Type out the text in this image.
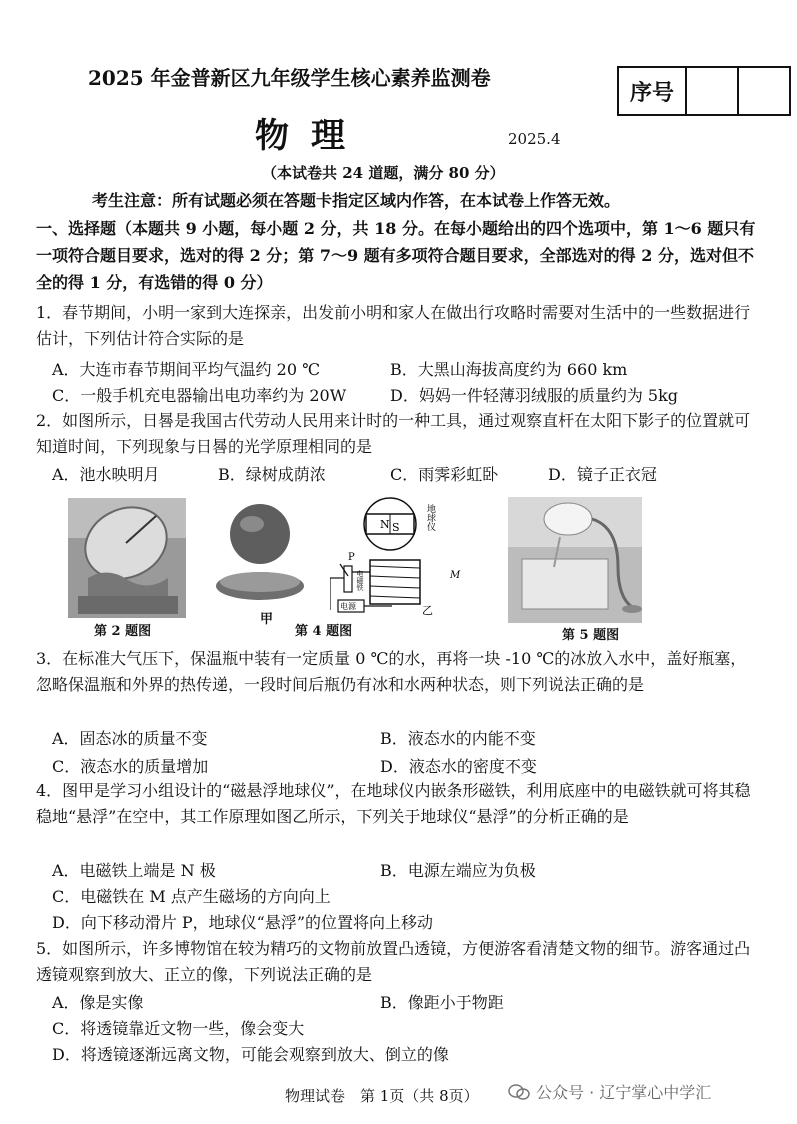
2025 年金普新区九年级学生核心素养监测卷
序号
物理	2025.4
（本试卷共 24 道题，满分 80 分）
考生注意：所有试题必须在答题卡指定区域内作答，在本试卷上作答无效。
一、选择题（本题共 9 小题，每小题 2 分，共 18 分。在每小题给出的四个选项中，第 1～6 题只有一项符合题目要求，选对的得 2 分；第 7～9 题有多项符合题目要求，全部选对的得 2 分，选对但不全的得 1 分，有选错的得 0 分）
1．春节期间，小明一家到大连探亲，出发前小明和家人在做出行攻略时需要对生活中的一些数据进行估计，下列估计符合实际的是
A．大连市春节期间平均气温约 20 ℃	B．大黑山海拔高度约为 660 km
C．一般手机充电器输出电功率约为 20W	D．妈妈一件轻薄羽绒服的质量约为 5kg
2．如图所示，日晷是我国古代劳动人民用来计时的一种工具，通过观察直杆在太阳下影子的位置就可知道时间，下列现象与日晷的光学原理相同的是
A．池水映明月	B．绿树成荫浓	C．雨霁彩虹卧	D．镜子正衣冠
第 2 题图
甲
N S	地球仪
P
电源
电磁铁	M
乙
第 4 题图	第 5 题图
3．在标准大气压下，保温瓶中装有一定质量 0 ℃的水，再将一块 -10 ℃的冰放入水中，盖好瓶塞，忽略保温瓶和外界的热传递，一段时间后瓶仍有冰和水两种状态，则下列说法正确的是
A．固态冰的质量不变	B．液态水的内能不变
C．液态水的质量增加	D．液态水的密度不变
4．图甲是学习小组设计的“磁悬浮地球仪”，在地球仪内嵌条形磁铁，利用底座中的电磁铁就可将其稳稳地“悬浮”在空中，其工作原理如图乙所示，下列关于地球仪“悬浮”的分析正确的是
A．电磁铁上端是 N 极	B．电源左端应为负极
C．电磁铁在 M 点产生磁场的方向向上
D．向下移动滑片 P，地球仪“悬浮”的位置将向上移动
5．如图所示，许多博物馆在较为精巧的文物前放置凸透镜，方便游客看清楚文物的细节。游客通过凸透镜观察到放大、正立的像，下列说法正确的是
A．像是实像	B．像距小于物距
C．将透镜靠近文物一些，像会变大
D．将透镜逐渐远离文物，可能会观察到放大、倒立的像
物理试卷　第 1页（共 8页）	公众号 · 辽宁掌心中学汇
